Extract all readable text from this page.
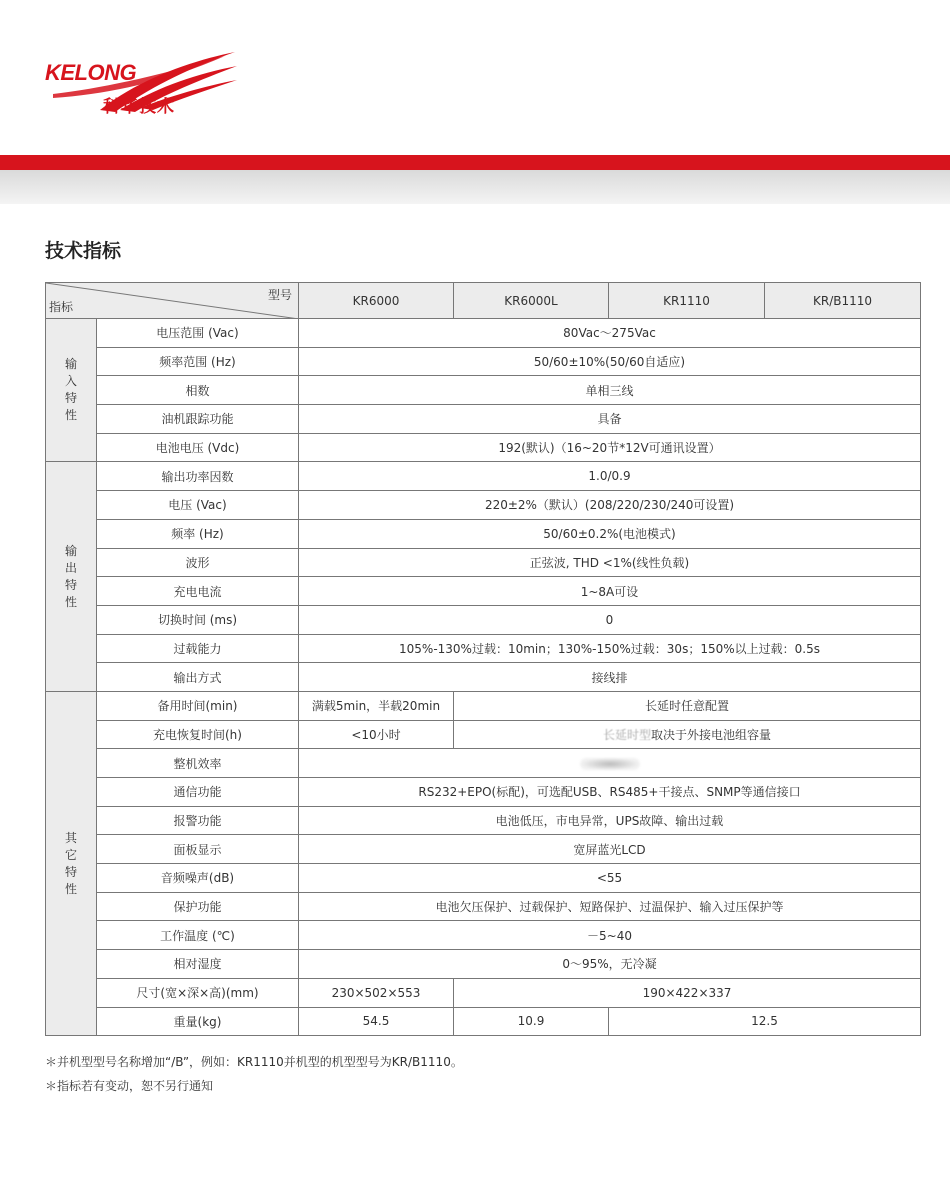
KELONG
科华技术
技术指标
型号
指标		KR6000	KR6000L	KR1110	KR/B1110
输
入
特
性	电压范围 (Vac)	80Vac～275Vac			
	频率范围 (Hz)	50/60±10%(50/60自适应)			
	相数	单相三线			
	油机跟踪功能	具备			
	电池电压 (Vdc)	192(默认)（16~20节*12V可通讯设置）			
输
出
特
性	输出功率因数	1.0/0.9			
	电压 (Vac)	220±2%（默认）(208/220/230/240可设置)			
	频率 (Hz)	50/60±0.2%(电池模式)			
	波形	正弦波, THD <1%(线性负载)			
	充电电流	1~8A可设			
	切换时间 (ms)	0			
	过载能力	105%-130%过载：10min；130%-150%过载：30s；150%以上过载：0.5s			
	输出方式	接线排			
其
它
特
性	备用时间(min)	满载5min，半载20min	长延时任意配置		
	充电恢复时间(h)	<10小时	长延时型取决于外接电池组容量		
	整机效率				
	通信功能	RS232+EPO(标配)，可选配USB、RS485+干接点、SNMP等通信接口			
	报警功能	电池低压，市电异常，UPS故障、输出过载			
	面板显示	宽屏蓝光LCD			
	音频噪声(dB)	<55			
	保护功能	电池欠压保护、过载保护、短路保护、过温保护、输入过压保护等			
	工作温度 (℃)	－5~40			
	相对湿度	0～95%，无冷凝			
	尺寸(宽×深×高)(mm)	230×502×553	190×422×337		
	重量(kg)	54.5	10.9	12.5	
＊并机型型号名称增加“/B”，例如：KR1110并机型的机型型号为KR/B1110。
＊指标若有变动，恕不另行通知
